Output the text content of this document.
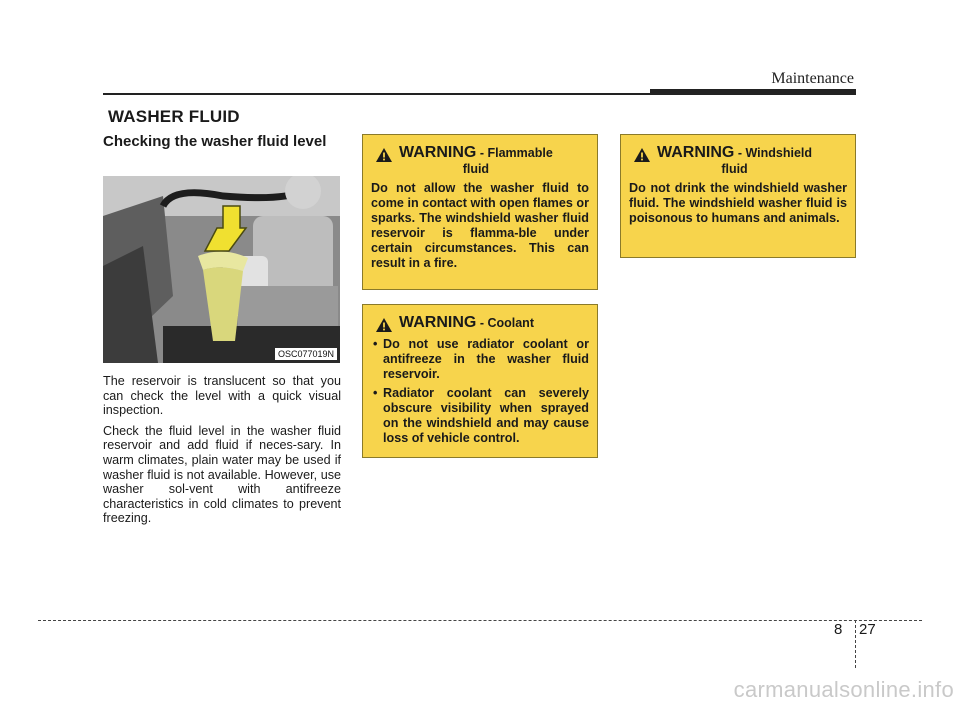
Maintenance
WASHER FLUID
Checking the washer fluid level
OSC077019N

The reservoir is translucent so that you can check the level with a quick visual inspection.

Check the fluid level in the washer fluid reservoir and add fluid if neces-sary. In warm climates, plain water may be used if washer fluid is not available. However, use washer sol-vent with antifreeze characteristics in cold climates to prevent freezing.

WARNING - Flammable
fluid
Do not allow the washer fluid to come in contact with open flames or sparks. The windshield washer fluid reservoir is flamma-ble under certain circumstances. This can result in a fire.
WARNING - Coolant
• Do not use radiator coolant or antifreeze in the washer fluid reservoir.
• Radiator coolant can severely obscure visibility when sprayed on the windshield and may cause loss of vehicle control.
WARNING - Windshield
fluid
Do not drink the windshield washer fluid. The windshield washer fluid is poisonous to humans and animals.
8 27
carmanualsonline.info
